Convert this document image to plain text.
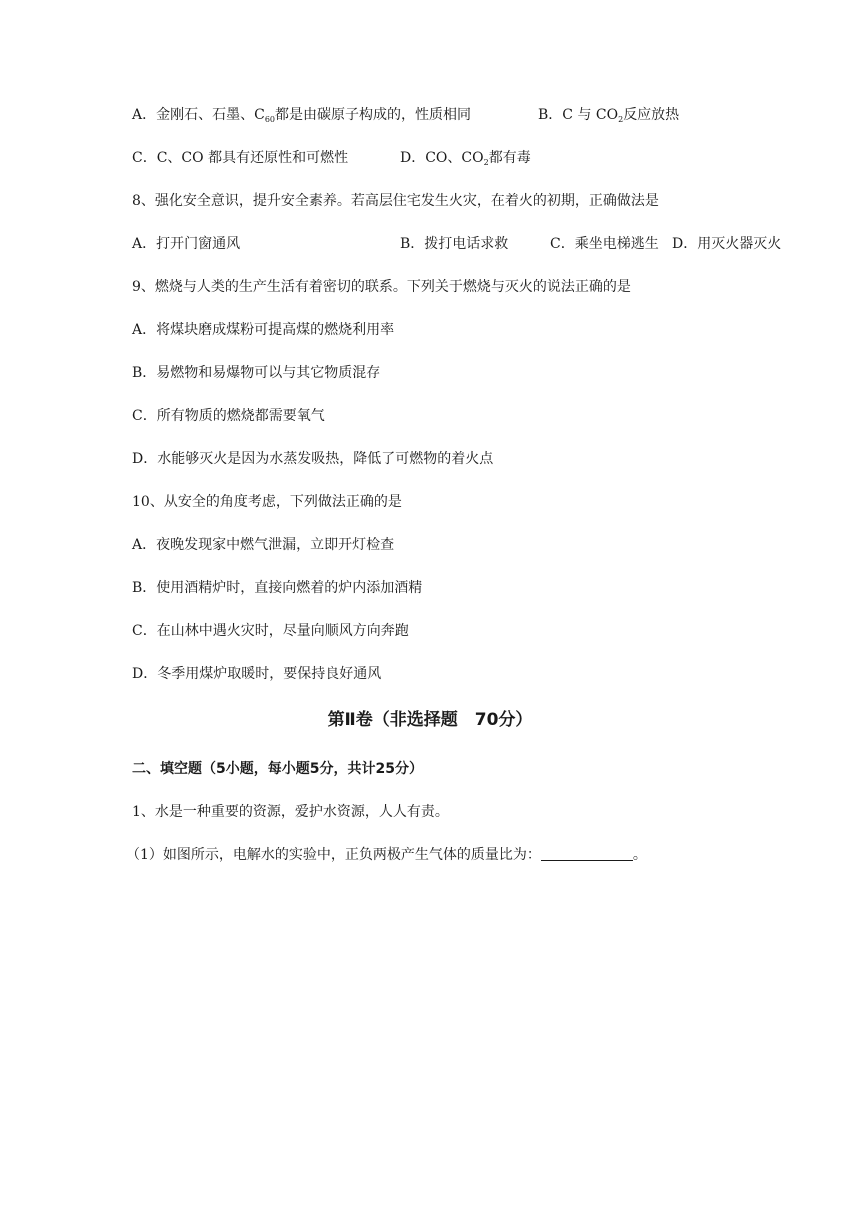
A．金刚石、石墨、$C_{60}$都是由碳原子构成的，性质相同	B．C 与 $CO_2$反应放热
C．C、CO 都具有还原性和可燃性	D．CO、$CO_2$都有毒
8、强化安全意识，提升安全素养。若高层住宅发生火灾，在着火的初期，正确做法是
A．打开门窗通风	B．拨打电话求救	C．乘坐电梯逃生 D．用灭火器灭火
9、燃烧与人类的生产生活有着密切的联系。下列关于燃烧与灭火的说法正确的是
A．将煤块磨成煤粉可提高煤的燃烧利用率
B．易燃物和易爆物可以与其它物质混存
C．所有物质的燃烧都需要氧气
D．水能够灭火是因为水蒸发吸热，降低了可燃物的着火点
10、从安全的角度考虑，下列做法正确的是
A．夜晚发现家中燃气泄漏，立即开灯检查
B．使用酒精炉时，直接向燃着的炉内添加酒精
C．在山林中遇火灾时，尽量向顺风方向奔跑
D．冬季用煤炉取暖时，要保持良好通风
第Ⅱ卷（非选择题　70分）
二、填空题（5小题，每小题5分，共计25分）
1、水是一种重要的资源，爱护水资源，人人有责。
（1）如图所示，电解水的实验中，正负两极产生气体的质量比为：	。
